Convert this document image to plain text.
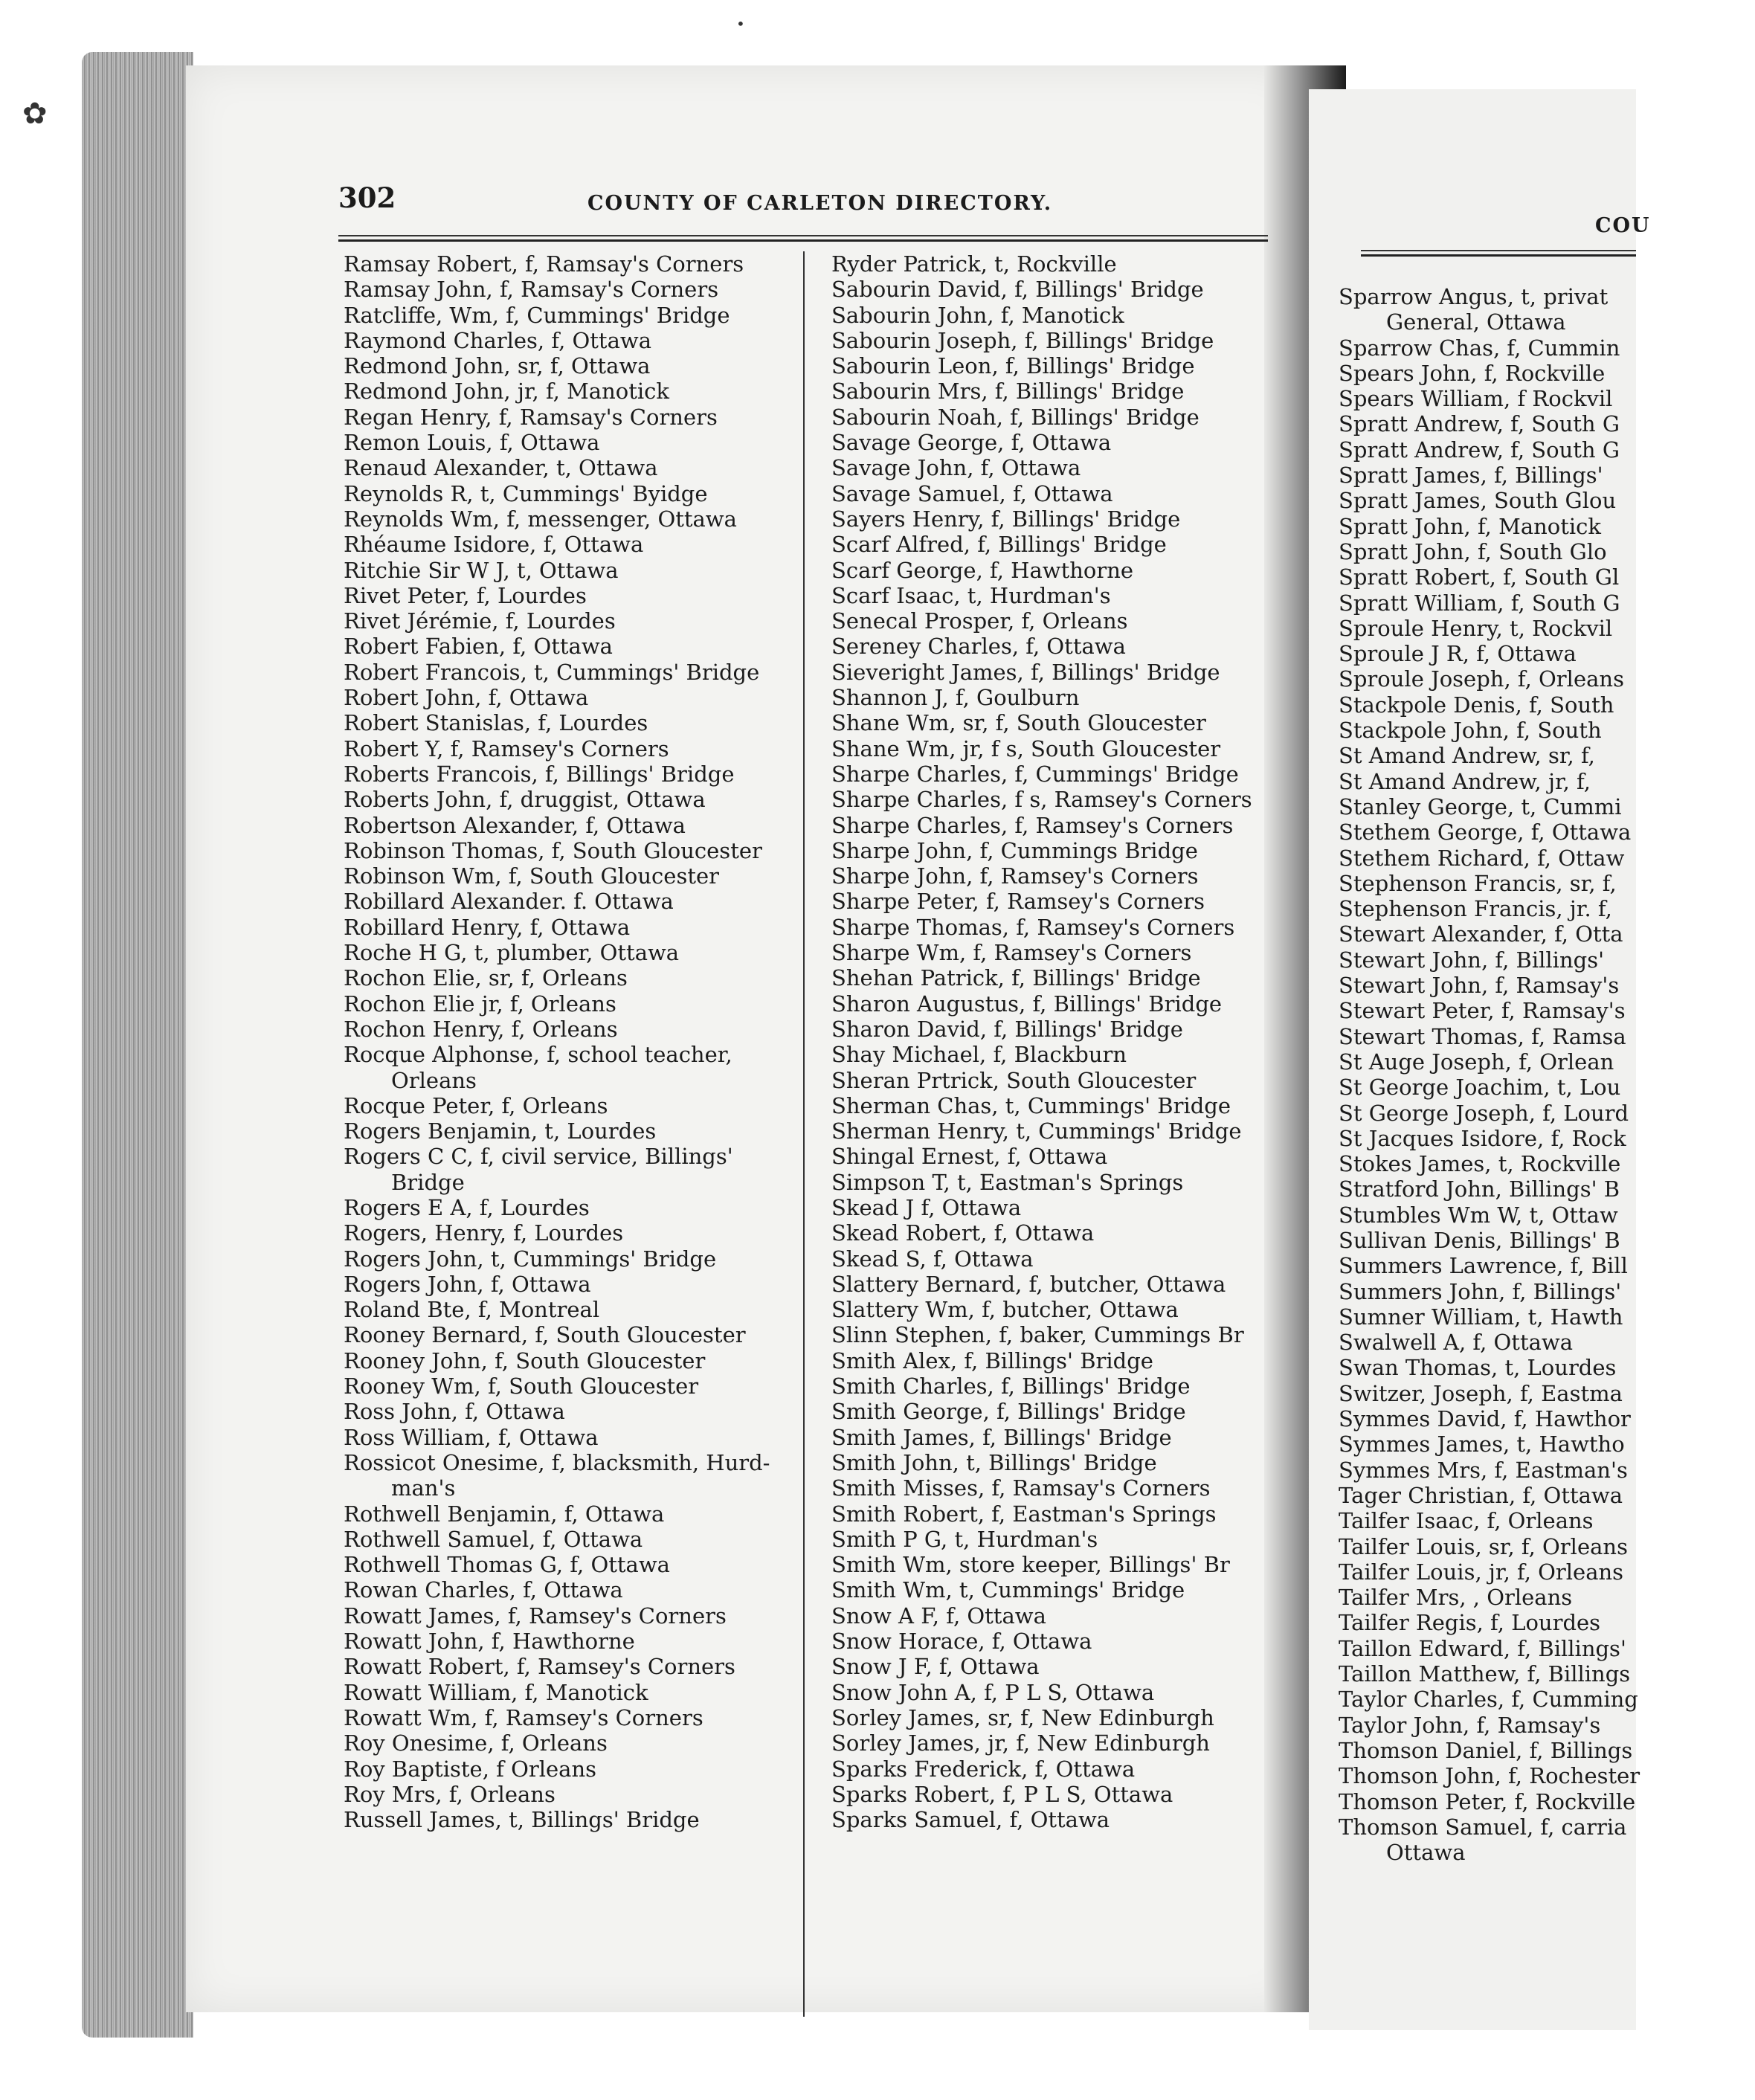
✿
•
302	COUNTY OF CARLETON DIRECTORY.
Ramsay Robert, f, Ramsay's Corners
Ramsay John, f, Ramsay's Corners
Ratcliffe, Wm, f, Cummings' Bridge
Raymond Charles, f, Ottawa
Redmond John, sr, f, Ottawa
Redmond John, jr, f, Manotick
Regan Henry, f, Ramsay's Corners
Remon Louis, f, Ottawa
Renaud Alexander, t, Ottawa
Reynolds R, t, Cummings' Byidge
Reynolds Wm, f, messenger, Ottawa
Rhéaume Isidore, f, Ottawa
Ritchie Sir W J, t, Ottawa
Rivet Peter, f, Lourdes
Rivet Jérémie, f, Lourdes
Robert Fabien, f, Ottawa
Robert Francois, t, Cummings' Bridge
Robert John, f, Ottawa
Robert Stanislas, f, Lourdes
Robert Y, f, Ramsey's Corners
Roberts Francois, f, Billings' Bridge
Roberts John, f, druggist, Ottawa
Robertson Alexander, f, Ottawa
Robinson Thomas, f, South Gloucester
Robinson Wm, f, South Gloucester
Robillard Alexander. f. Ottawa
Robillard Henry, f, Ottawa
Roche H G, t, plumber, Ottawa
Rochon Elie, sr, f, Orleans
Rochon Elie jr, f, Orleans
Rochon Henry, f, Orleans
Rocque Alphonse, f, school teacher,
Orleans
Rocque Peter, f, Orleans
Rogers Benjamin, t, Lourdes
Rogers C C, f, civil service, Billings'
Bridge
Rogers E A, f, Lourdes
Rogers, Henry, f, Lourdes
Rogers John, t, Cummings' Bridge
Rogers John, f, Ottawa
Roland Bte, f, Montreal
Rooney Bernard, f, South Gloucester
Rooney John, f, South Gloucester
Rooney Wm, f, South Gloucester
Ross John, f, Ottawa
Ross William, f, Ottawa
Rossicot Onesime, f, blacksmith, Hurd-
man's
Rothwell Benjamin, f, Ottawa
Rothwell Samuel, f, Ottawa
Rothwell Thomas G, f, Ottawa
Rowan Charles, f, Ottawa
Rowatt James, f, Ramsey's Corners
Rowatt John, f, Hawthorne
Rowatt Robert, f, Ramsey's Corners
Rowatt William, f, Manotick
Rowatt Wm, f, Ramsey's Corners
Roy Onesime, f, Orleans
Roy Baptiste, f Orleans
Roy Mrs, f, Orleans
Russell James, t, Billings' Bridge
Ryder Patrick, t, Rockville
Sabourin David, f, Billings' Bridge
Sabourin John, f, Manotick
Sabourin Joseph, f, Billings' Bridge
Sabourin Leon, f, Billings' Bridge
Sabourin Mrs, f, Billings' Bridge
Sabourin Noah, f, Billings' Bridge
Savage George, f, Ottawa
Savage John, f, Ottawa
Savage Samuel, f, Ottawa
Sayers Henry, f, Billings' Bridge
Scarf Alfred, f, Billings' Bridge
Scarf George, f, Hawthorne
Scarf Isaac, t, Hurdman's
Senecal Prosper, f, Orleans
Sereney Charles, f, Ottawa
Sieveright James, f, Billings' Bridge
Shannon J, f, Goulburn
Shane Wm, sr, f, South Gloucester
Shane Wm, jr, f s, South Gloucester
Sharpe Charles, f, Cummings' Bridge
Sharpe Charles, f s, Ramsey's Corners
Sharpe Charles, f, Ramsey's Corners
Sharpe John, f, Cummings Bridge
Sharpe John, f, Ramsey's Corners
Sharpe Peter, f, Ramsey's Corners
Sharpe Thomas, f, Ramsey's Corners
Sharpe Wm, f, Ramsey's Corners
Shehan Patrick, f, Billings' Bridge
Sharon Augustus, f, Billings' Bridge
Sharon David, f, Billings' Bridge
Shay Michael, f, Blackburn
Sheran Prtrick, South Gloucester
Sherman Chas, t, Cummings' Bridge
Sherman Henry, t, Cummings' Bridge
Shingal Ernest, f, Ottawa
Simpson T, t, Eastman's Springs
Skead J f, Ottawa
Skead Robert, f, Ottawa
Skead S, f, Ottawa
Slattery Bernard, f, butcher, Ottawa
Slattery Wm, f, butcher, Ottawa
Slinn Stephen, f, baker, Cummings Br
Smith Alex, f, Billings' Bridge
Smith Charles, f, Billings' Bridge
Smith George, f, Billings' Bridge
Smith James, f, Billings' Bridge
Smith John, t, Billings' Bridge
Smith Misses, f, Ramsay's Corners
Smith Robert, f, Eastman's Springs
Smith P G, t, Hurdman's
Smith Wm, store keeper, Billings' Br
Smith Wm, t, Cummings' Bridge
Snow A F, f, Ottawa
Snow Horace, f, Ottawa
Snow J F, f, Ottawa
Snow John A, f, P L S, Ottawa
Sorley James, sr, f, New Edinburgh
Sorley James, jr, f, New Edinburgh
Sparks Frederick, f, Ottawa
Sparks Robert, f, P L S, Ottawa
Sparks Samuel, f, Ottawa
COU
Sparrow Angus, t, privat
General, Ottawa
Sparrow Chas, f, Cummin
Spears John, f, Rockville
Spears William, f Rockvil
Spratt Andrew, f, South G
Spratt Andrew, f, South G
Spratt James, f, Billings'
Spratt James, South Glou
Spratt John, f, Manotick
Spratt John, f, South Glo
Spratt Robert, f, South Gl
Spratt William, f, South G
Sproule Henry, t, Rockvil
Sproule J R, f, Ottawa
Sproule Joseph, f, Orleans
Stackpole Denis, f, South
Stackpole John, f, South
St Amand Andrew, sr, f,
St Amand Andrew, jr, f,
Stanley George, t, Cummi
Stethem George, f, Ottawa
Stethem Richard, f, Ottaw
Stephenson Francis, sr, f,
Stephenson Francis, jr. f,
Stewart Alexander, f, Otta
Stewart John, f, Billings'
Stewart John, f, Ramsay's
Stewart Peter, f, Ramsay's
Stewart Thomas, f, Ramsa
St Auge Joseph, f, Orlean
St George Joachim, t, Lou
St George Joseph, f, Lourd
St Jacques Isidore, f, Rock
Stokes James, t, Rockville
Stratford John, Billings' B
Stumbles Wm W, t, Ottaw
Sullivan Denis, Billings' B
Summers Lawrence, f, Bill
Summers John, f, Billings'
Sumner William, t, Hawth
Swalwell A, f, Ottawa
Swan Thomas, t, Lourdes
Switzer, Joseph, f, Eastma
Symmes David, f, Hawthor
Symmes James, t, Hawtho
Symmes Mrs, f, Eastman's
Tager Christian, f, Ottawa
Tailfer Isaac, f, Orleans
Tailfer Louis, sr, f, Orleans
Tailfer Louis, jr, f, Orleans
Tailfer Mrs, , Orleans
Tailfer Regis, f, Lourdes
Taillon Edward, f, Billings'
Taillon Matthew, f, Billings
Taylor Charles, f, Cumming
Taylor John, f, Ramsay's
Thomson Daniel, f, Billings
Thomson John, f, Rochester
Thomson Peter, f, Rockville
Thomson Samuel, f, carria
Ottawa
